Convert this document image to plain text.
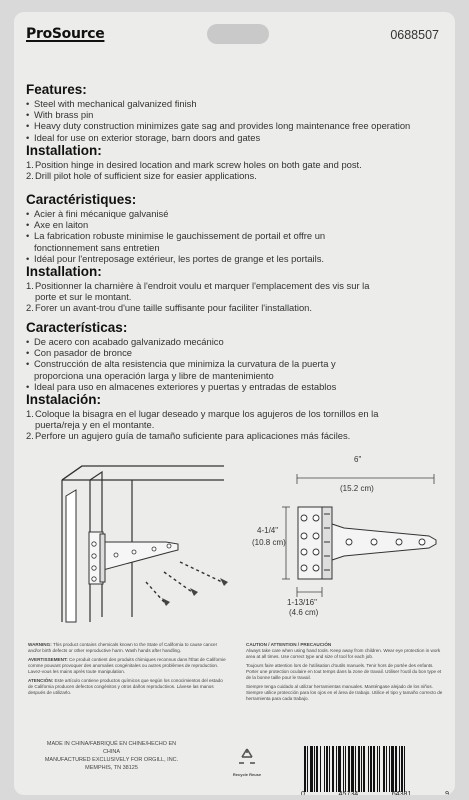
ProSource	0688507
Features:
• Steel with mechanical galvanized finish
• With brass pin
• Heavy duty construction minimizes gate sag and provides long maintenance free operation
• Ideal for use on exterior storage, barn doors and gates
Installation:
1. Position hinge in desired location and mark screw holes on both gate and post.
2. Drill pilot hole of sufficient size for easier applications.
Caractéristiques:
• Acier à fini mécanique galvanisé
• Axe en laiton
• La fabrication robuste minimise le gauchissement de portail et offre un fonctionnement sans entretien
• Idéal pour l'entreposage extérieur, les portes de grange et les portails.
Installation:
1. Positionner la charnière à l'endroit voulu et marquer l'emplacement des vis sur la porte et sur le montant.
2. Forer un avant-trou d'une taille suffisante pour faciliter l'installation.
Características:
• De acero con acabado galvanizado mecánico
• Con pasador de bronce
• Construcción de alta resistencia que minimiza la curvatura de la puerta y proporciona una operación larga y libre de mantenimiento
• Ideal para uso en almacenes exteriores y puertas y entradas de establos
Instalación:
1. Coloque la bisagra en el lugar deseado y marque los agujeros de los tornillos en la puerta/reja y en el montante.
2. Perfore un agujero guía de tamaño suficiente para aplicaciones más fáciles.
6"
(15.2 cm)
4-1/4"
(10.8 cm)
1-13/16"
(4.6 cm)

WARNING: This product contains chemicals known to the State of California to cause cancer and/or birth defects or other reproductive harm. Wash hands after handling.

AVERTISSEMENT: Ce produit contient des produits chimiques reconnus dans l'État de Californie comme pouvant provoquer des anomalies congénitales ou autres problèmes de reproduction. Lavez-vous les mains après toute manipulation.

ATENCIÓN: Este artículo contiene productos químicos que según los conocimientos del estado de California producen defectos congénitos y otros daños reproductivos. Lávese las manos después de utilizarlo.

CAUTION / ATTENTION / PRECAUCIÓN

Always take care when using hand tools. Keep away from children. Wear eye protection in work area at all times. Use correct type and size of tool for each job.

Toujours faire attention lors de l'utilisation d'outils manuels. Tenir hors de portée des enfants. Porter une protection oculaire en tout temps dans la zone de travail. Utiliser l'outil du bon type et de la bonne taille pour le travail.

Siempre tenga cuidado al utilizar herramientas manuales. Manténgase alejado de los niños. Siempre utilice protección para los ojos en el área de trabajo. Utilice el tipo y tamaño correcto de herramienta para cada trabajo.

MADE IN CHINA/FABRIQUÉ EN CHINE/HECHO EN CHINA
MANUFACTURED EXCLUSIVELY FOR ORGILL, INC.
MEMPHIS, TN 38125
Recycle Reuse
0	45734	64381	9
